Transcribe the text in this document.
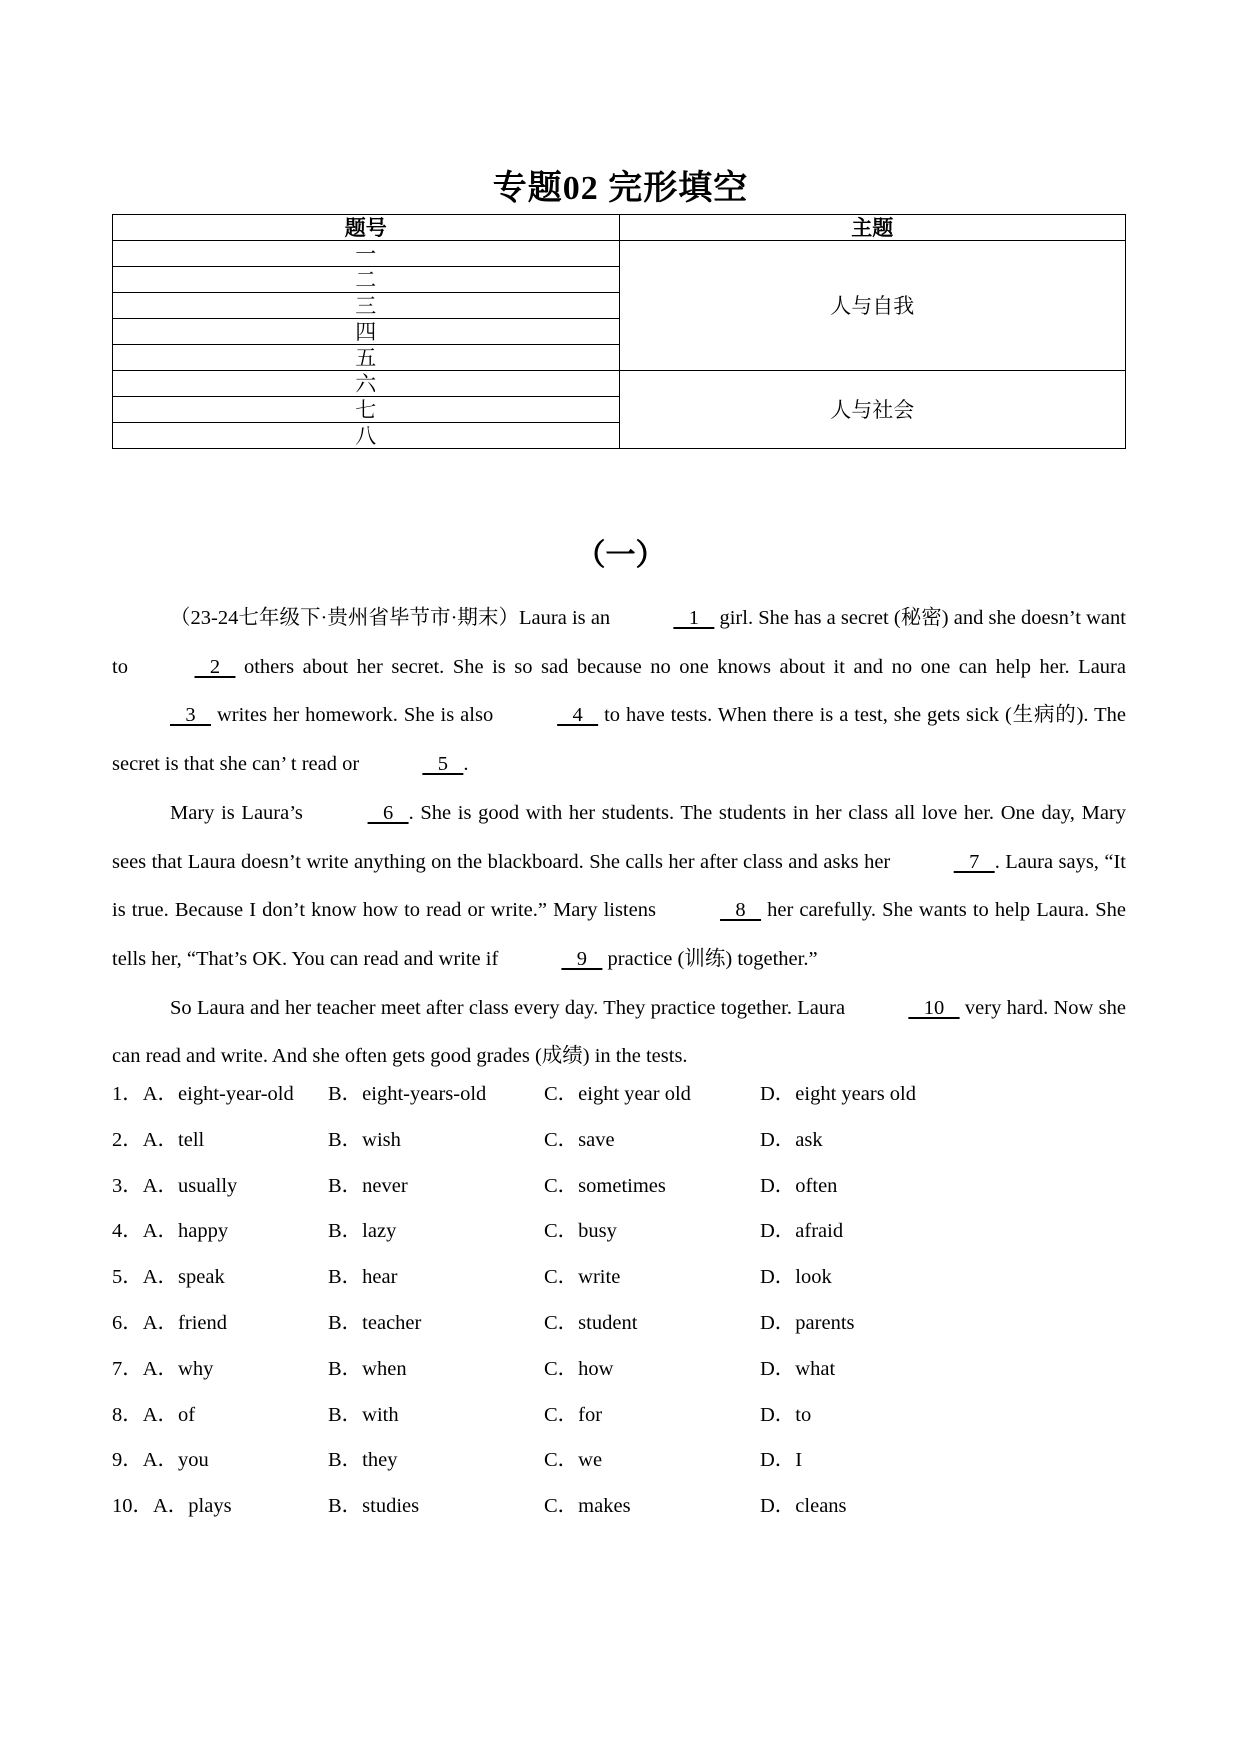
专题02 完形填空
题号	主题
一	人与自我
二	
三	
四	
五	
六	人与社会
七	
八	
（一）

（23-24七年级下·贵州省毕节市·期末）Laura is an	1    girl. She has a secret (秘密) and she doesn’t want to	2    others about her secret. She is so sad because no one knows about it and no one can help her. Laura    3    writes her homework. She is also	4    to have tests. When there is a test, she gets sick (生病的). The secret is that she can’ t read or	5   .

Mary is Laura’s	6   . She is good with her students. The students in her class all love her. One day, Mary sees that Laura doesn’t write anything on the blackboard. She calls her after class and asks her	7   . Laura says, “It is true. Because I don’t know how to read or write.” Mary listens	8    her carefully. She wants to help Laura. She tells her, “That’s OK. You can read and write if	9    practice (训练) together.”

So Laura and her teacher meet after class every day. They practice together. Laura	10    very hard. Now she can read and write. And she often gets good grades (成绩) in the tests.

1．A．eight-year-old B．eight-years-old	C．eight year old	D．eight years old
2．A．tell	B．wish	C．save	D．ask
3．A．usually	B．never	C．sometimes	D．often
4．A．happy	B．lazy	C．busy	D．afraid
5．A．speak	B．hear	C．write	D．look
6．A．friend	B．teacher	C．student	D．parents
7．A．why	B．when	C．how	D．what
8．A．of	B．with	C．for	D．to
9．A．you	B．they	C．we	D．I
10．A．plays	B．studies	C．makes	D．cleans
